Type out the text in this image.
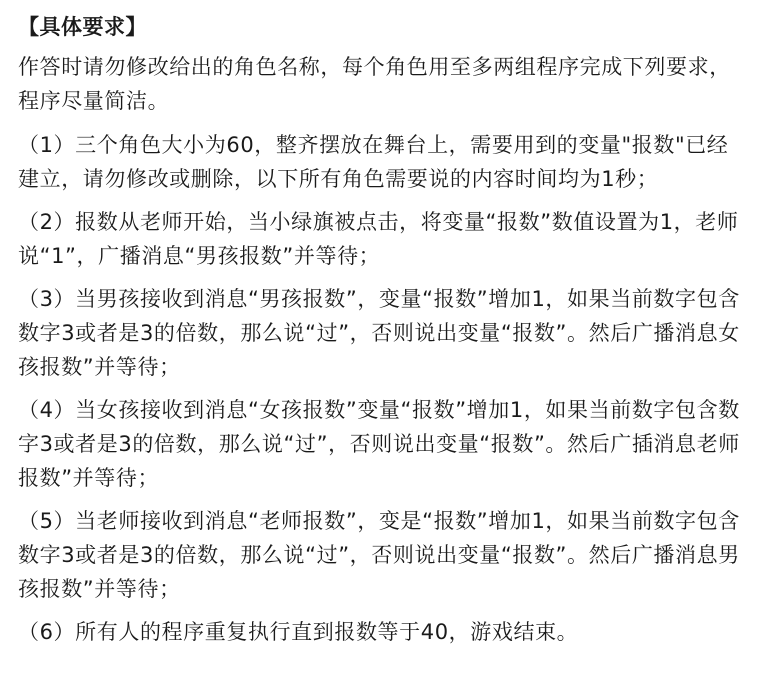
【具体要求】
作答时请勿修改给出的角色名称，每个角色用至多两组程序完成下列要求，程序尽量简洁。
（1）三个角色大小为60，整齐摆放在舞台上，需要用到的变量"报数"已经建立，请勿修改或删除，以下所有角色需要说的内容时间均为1秒；
（2）报数从老师开始，当小绿旗被点击，将变量“报数”数值设置为1，老师说“1”，广播消息“男孩报数”并等待；
（3）当男孩接收到消息“男孩报数”，变量“报数”增加1，如果当前数字包含数字3或者是3的倍数，那么说“过”，否则说出变量“报数”。然后广播消息女孩报数”并等待；
（4）当女孩接收到消息“女孩报数”变量“报数”增加1，如果当前数字包含数字3或者是3的倍数，那么说“过”，否则说出变量“报数”。然后广插消息老师报数”并等待；
（5）当老师接收到消息“老师报数”，变是“报数”增加1，如果当前数字包含数字3或者是3的倍数，那么说“过”，否则说出变量“报数”。然后广播消息男孩报数”并等待；
（6）所有人的程序重复执行直到报数等于40，游戏结束。
